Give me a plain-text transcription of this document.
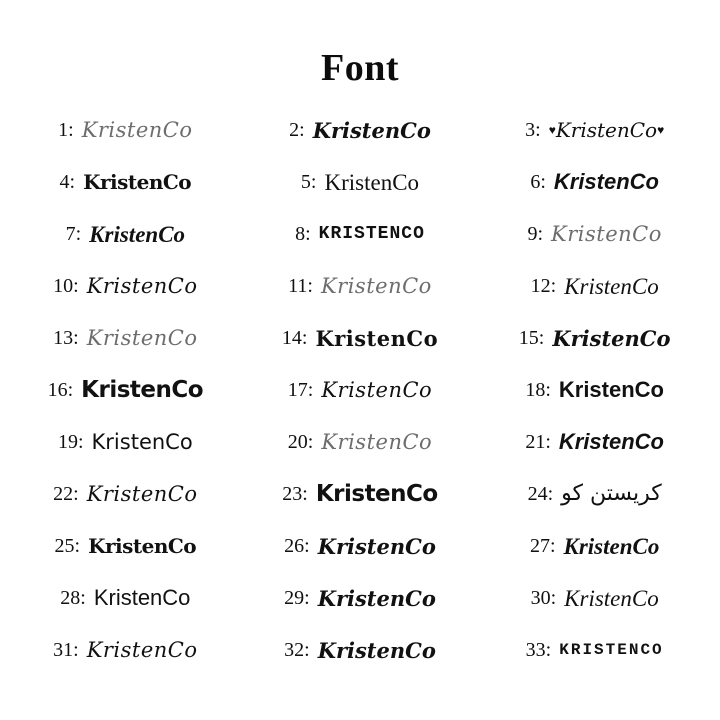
Font
1: KristenCo	2: KristenCo	3: ♥ KristenCo ♥
4: KristenCo	5: KristenCo	6: KristenCo
7: KristenCo	8: KRISTENCO	9: KristenCo
10: KristenCo	11: KristenCo	12: KristenCo
13: KristenCo	14: KristenCo	15: KristenCo
16: KristenCo	17: KristenCo	18: KristenCo
19: KristenCo	20: KristenCo	21: KristenCo
22: KristenCo	23: KristenCo	24: كريستن كو
25: KristenCo	26: KristenCo	27: KristenCo
28: KristenCo	29: KristenCo	30: KristenCo
31: KristenCo	32: KristenCo	33: KRISTENCO
